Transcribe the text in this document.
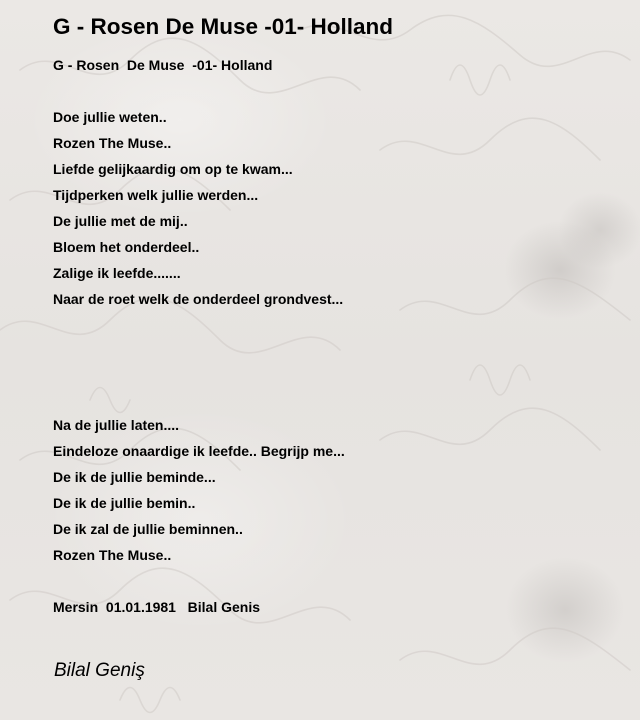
G - Rosen De Muse -01- Holland

G - Rosen  De Muse  -01- Holland

Doe jullie weten..
Rozen The Muse..
Liefde gelijkaardig om op te kwam...
Tijdperken welk jullie werden...
De jullie met de mij..
Bloem het onderdeel..
Zalige ik leefde.......
Naar de roet welk de onderdeel grondvest...
Na de jullie laten....
Eindeloze onaardige ik leefde.. Begrijp me...
De ik de jullie beminde...
De ik de jullie bemin..
De ik zal de jullie beminnen..
Rozen The Muse..

Mersin  01.01.1981   Bilal Genis

Bilal Geniş
